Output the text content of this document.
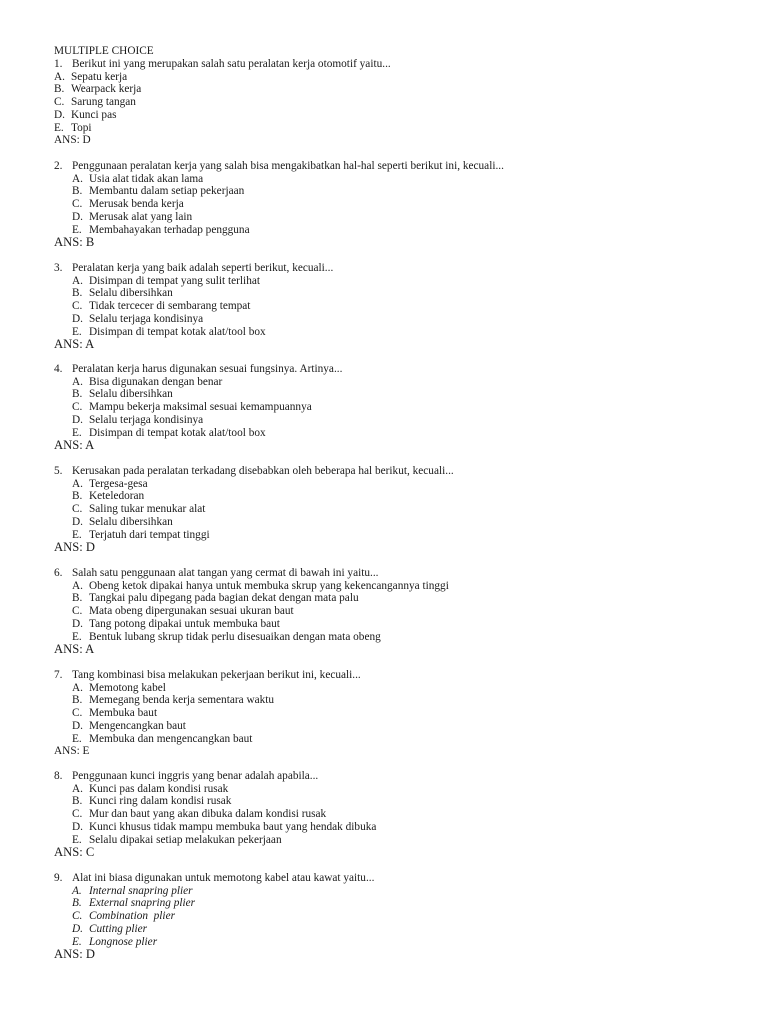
MULTIPLE CHOICE
1. Berikut ini yang merupakan salah satu peralatan kerja otomotif yaitu...
A. Sepatu kerja
B. Wearpack kerja
C. Sarung tangan
D. Kunci pas
E. Topi
ANS: D
2. Penggunaan peralatan kerja yang salah bisa mengakibatkan hal-hal seperti berikut ini, kecuali...
A. Usia alat tidak akan lama
B. Membantu dalam setiap pekerjaan
C. Merusak benda kerja
D. Merusak alat yang lain
E. Membahayakan terhadap pengguna
ANS: B
3. Peralatan kerja yang baik adalah seperti berikut, kecuali...
A. Disimpan di tempat yang sulit terlihat
B. Selalu dibersihkan
C. Tidak tercecer di sembarang tempat
D. Selalu terjaga kondisinya
E. Disimpan di tempat kotak alat/tool box
ANS: A
4. Peralatan kerja harus digunakan sesuai fungsinya. Artinya...
A. Bisa digunakan dengan benar
B. Selalu dibersihkan
C. Mampu bekerja maksimal sesuai kemampuannya
D. Selalu terjaga kondisinya
E. Disimpan di tempat kotak alat/tool box
ANS: A
5. Kerusakan pada peralatan terkadang disebabkan oleh beberapa hal berikut, kecuali...
A. Tergesa-gesa
B. Keteledoran
C. Saling tukar menukar alat
D. Selalu dibersihkan
E. Terjatuh dari tempat tinggi
ANS: D
6. Salah satu penggunaan alat tangan yang cermat di bawah ini yaitu...
A. Obeng ketok dipakai hanya untuk membuka skrup yang kekencangannya tinggi
B. Tangkai palu dipegang pada bagian dekat dengan mata palu
C. Mata obeng dipergunakan sesuai ukuran baut
D. Tang potong dipakai untuk membuka baut
E. Bentuk lubang skrup tidak perlu disesuaikan dengan mata obeng
ANS: A
7. Tang kombinasi bisa melakukan pekerjaan berikut ini, kecuali...
A. Memotong kabel
B. Memegang benda kerja sementara waktu
C. Membuka baut
D. Mengencangkan baut
E. Membuka dan mengencangkan baut
ANS: E
8. Penggunaan kunci inggris yang benar adalah apabila...
A. Kunci pas dalam kondisi rusak
B. Kunci ring dalam kondisi rusak
C. Mur dan baut yang akan dibuka dalam kondisi rusak
D. Kunci khusus tidak mampu membuka baut yang hendak dibuka
E. Selalu dipakai setiap melakukan pekerjaan
ANS: C
9. Alat ini biasa digunakan untuk memotong kabel atau kawat yaitu...
A. Internal snapring plier
B. External snapring plier
C. Combination  plier
D. Cutting plier
E. Longnose plier
ANS: D
